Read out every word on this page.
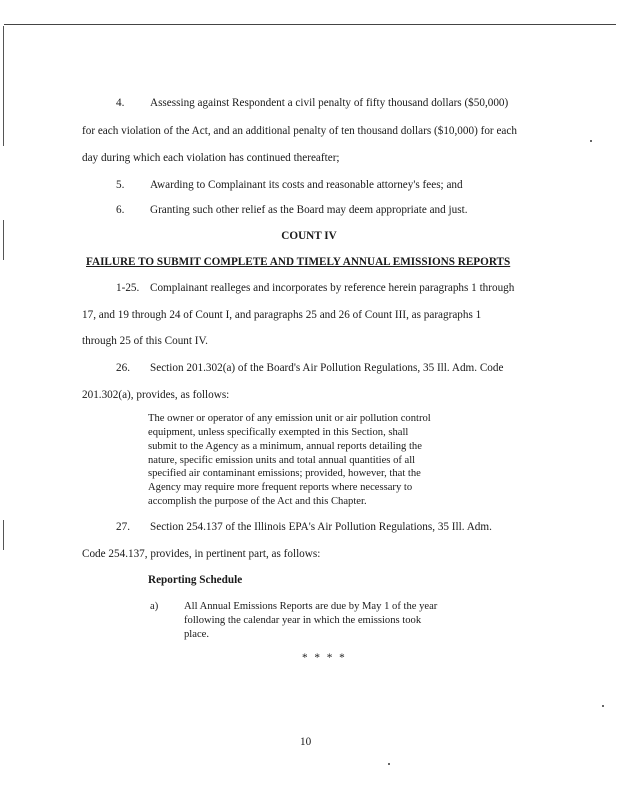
4. Assessing against Respondent a civil penalty of fifty thousand dollars ($50,000)
for each violation of the Act, and an additional penalty of ten thousand dollars ($10,000) for each
day during which each violation has continued thereafter;
5. Awarding to Complainant its costs and reasonable attorney's fees; and
6. Granting such other relief as the Board may deem appropriate and just.
COUNT IV
FAILURE TO SUBMIT COMPLETE AND TIMELY ANNUAL EMISSIONS REPORTS
1-25. Complainant realleges and incorporates by reference herein paragraphs 1 through
17, and 19 through 24 of Count I, and paragraphs 25 and 26 of Count III, as paragraphs 1
through 25 of this Count IV.
26. Section 201.302(a) of the Board's Air Pollution Regulations, 35 Ill. Adm. Code
201.302(a), provides, as follows:
The owner or operator of any emission unit or air pollution control
equipment, unless specifically exempted in this Section, shall
submit to the Agency as a minimum, annual reports detailing the
nature, specific emission units and total annual quantities of all
specified air contaminant emissions; provided, however, that the
Agency may require more frequent reports where necessary to
accomplish the purpose of the Act and this Chapter.
27. Section 254.137 of the Illinois EPA's Air Pollution Regulations, 35 Ill. Adm.
Code 254.137, provides, in pertinent part, as follows:
Reporting Schedule
a) All Annual Emissions Reports are due by May 1 of the year
following the calendar year in which the emissions took
place.
* * * *
10
